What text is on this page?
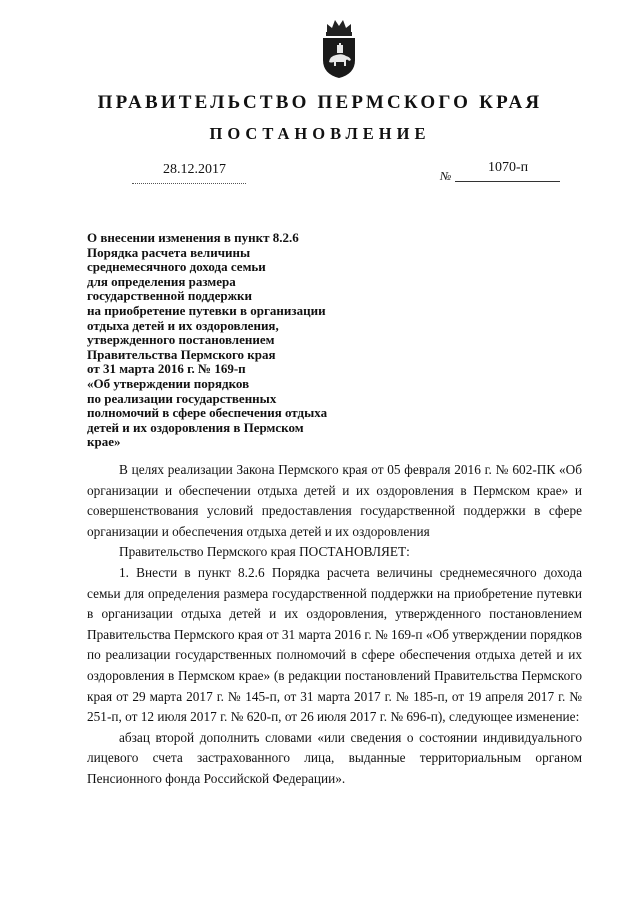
ПРАВИТЕЛЬСТВО ПЕРМСКОГО КРАЯ
ПОСТАНОВЛЕНИЕ
28.12.2017	№
1070-п
О внесении изменения в пункт 8.2.6
Порядка расчета величины
среднемесячного дохода семьи
для определения размера
государственной поддержки
на приобретение путевки в организации
отдыха детей и их оздоровления,
утвержденного постановлением
Правительства Пермского края
от 31 марта 2016 г. № 169-п
«Об утверждении порядков
по реализации государственных
полномочий в сфере обеспечения отдыха
детей и их оздоровления в Пермском
крае»

В целях реализации Закона Пермского края от 05 февраля 2016 г. № 602-ПК «Об организации и обеспечении отдыха детей и их оздоровления в Пермском крае» и совершенствования условий предоставления государственной поддержки в сфере организации и обеспечения отдыха детей и их оздоровления

Правительство Пермского края ПОСТАНОВЛЯЕТ:

1. Внести в пункт 8.2.6 Порядка расчета величины среднемесячного дохода семьи для определения размера государственной поддержки на приобретение путевки в организации отдыха детей и их оздоровления, утвержденного постановлением Правительства Пермского края от 31 марта 2016 г. № 169-п «Об утверждении порядков по реализации государственных полномочий в сфере обеспечения отдыха детей и их оздоровления в Пермском крае» (в редакции постановлений Правительства Пермского края от 29 марта 2017 г. № 145-п, от 31 марта 2017 г. № 185-п, от 19 апреля 2017 г. № 251-п, от 12 июля 2017 г. № 620-п, от 26 июля 2017 г. № 696-п), следующее изменение:

абзац второй дополнить словами «или сведения о состоянии индивидуального лицевого счета застрахованного лица, выданные территориальным органом Пенсионного фонда Российской Федерации».
